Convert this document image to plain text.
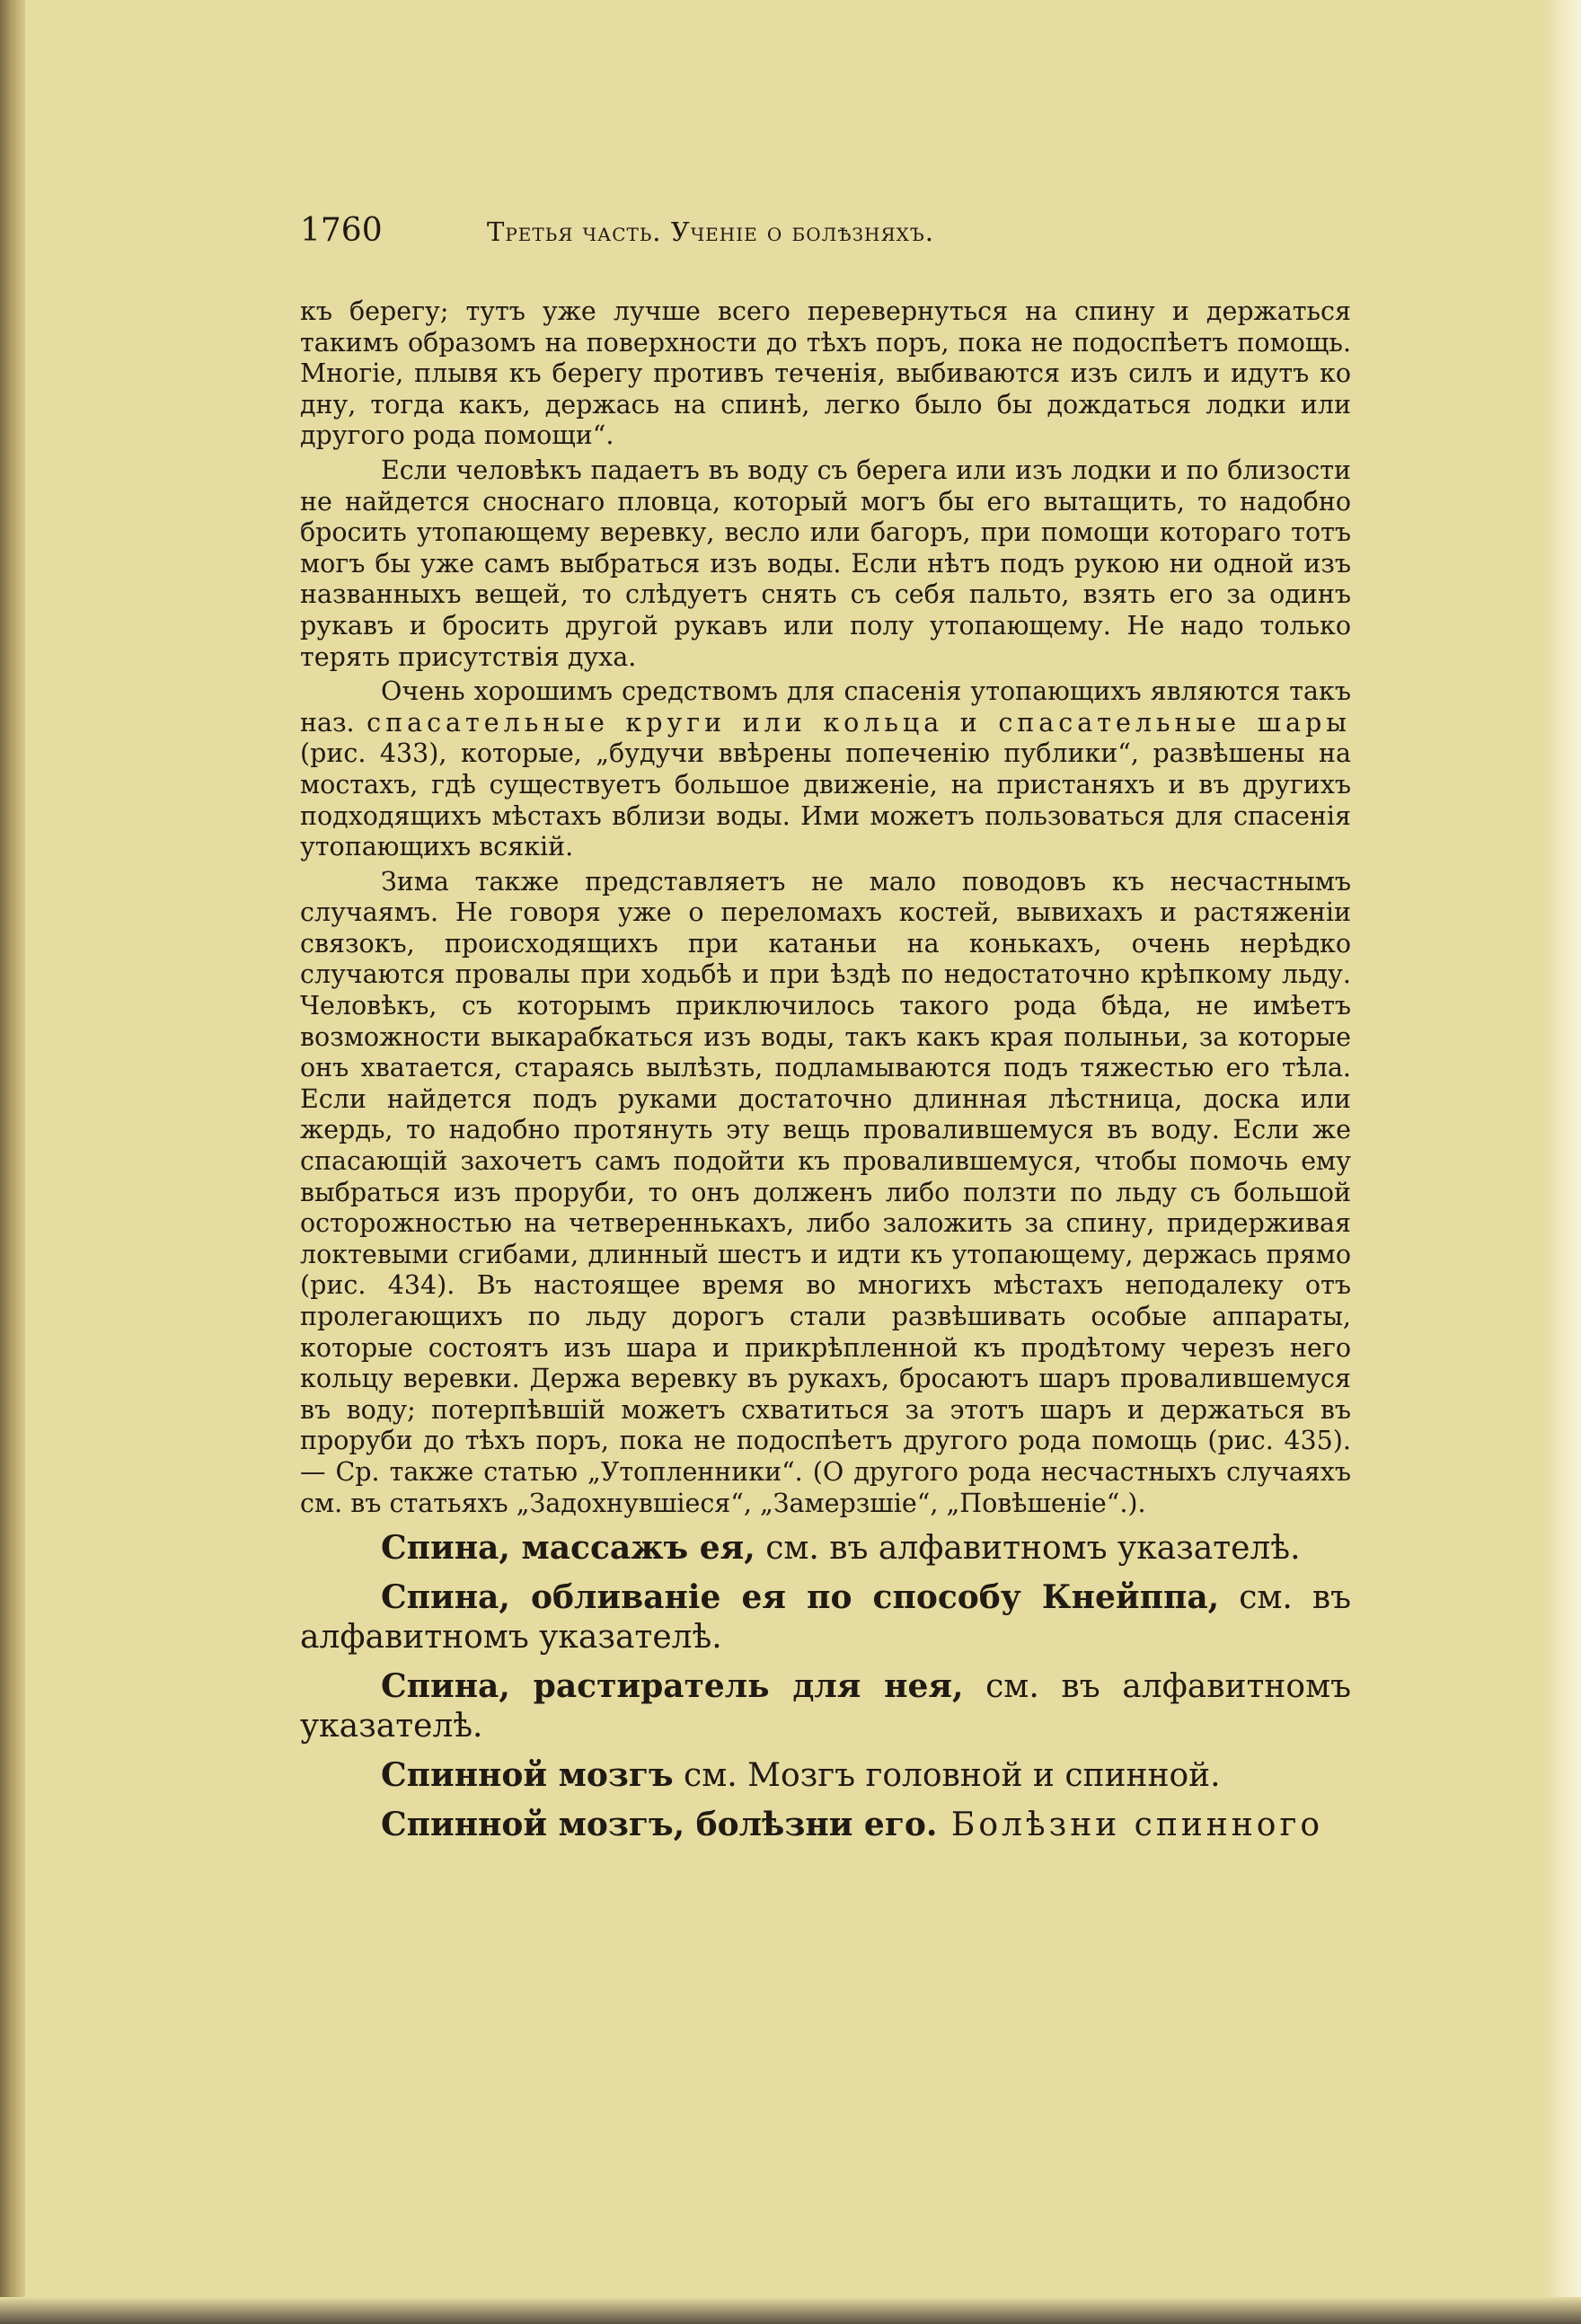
1760	Третья часть. Ученіе о болѣзняхъ.

къ берегу; тутъ уже лучше всего перевернуться на спину и держаться такимъ образомъ на поверхности до тѣхъ поръ, пока не подоспѣетъ помощь. Многіе, плывя къ берегу противъ теченія, выбиваются изъ силъ и идутъ ко дну, тогда какъ, держась на спинѣ, легко было бы дождаться лодки или другого рода помощи“.

Если человѣкъ падаетъ въ воду съ берега или изъ лодки и по близости не найдется сноснаго пловца, который могъ бы его вытащить, то надобно бросить утопающему веревку, весло или багоръ, при помощи котораго тотъ могъ бы уже самъ выбраться изъ воды. Если нѣтъ подъ рукою ни одной изъ названныхъ вещей, то слѣдуетъ снять съ себя пальто, взять его за одинъ рукавъ и бросить другой рукавъ или полу утопающему. Не надо только терять присутствія духа.

Очень хорошимъ средствомъ для спасенія утопающихъ являются такъ наз. спасательные круги или кольца и спасательные шары (рис. 433), которые, „будучи ввѣрены попеченію публики“, развѣшены на мостахъ, гдѣ существуетъ большое движеніе, на пристаняхъ и въ другихъ подходящихъ мѣстахъ вблизи воды. Ими можетъ пользоваться для спасенія утопающихъ всякій.

Зима также представляетъ не мало поводовъ къ несчастнымъ случаямъ. Не говоря уже о переломахъ костей, вывихахъ и растяженіи связокъ, происходящихъ при катаньи на конькахъ, очень нерѣдко случаются провалы при ходьбѣ и при ѣздѣ по недостаточно крѣпкому льду. Человѣкъ, съ которымъ приключилось такого рода бѣда, не имѣетъ возможности выкарабкаться изъ воды, такъ какъ края полыньи, за которые онъ хватается, стараясь вылѣзть, подламываются подъ тяжестью его тѣла. Если найдется подъ руками достаточно длинная лѣстница, доска или жердь, то надобно протянуть эту вещь провалившемуся въ воду. Если же спасающій захочетъ самъ подойти къ провалившемуся, чтобы помочь ему выбраться изъ проруби, то онъ долженъ либо ползти по льду съ большой осторожностью на четвереннькахъ, либо заложить за спину, придерживая локтевыми сгибами, длинный шестъ и идти къ утопающему, держась прямо (рис. 434). Въ настоящее время во многихъ мѣстахъ неподалеку отъ пролегающихъ по льду дорогъ стали развѣшивать особые аппараты, которые состоятъ изъ шара и прикрѣпленной къ продѣтому черезъ него кольцу веревки. Держа веревку въ рукахъ, бросаютъ шаръ провалившемуся въ воду; потерпѣвшій можетъ схватиться за этотъ шаръ и держаться въ проруби до тѣхъ поръ, пока не подоспѣетъ другого рода помощь (рис. 435). — Ср. также статью „Утопленники“. (О другого рода несчастныхъ случаяхъ см. въ статьяхъ „Задохнувшіеся“, „Замерзшіе“, „Повѣшеніе“.).

Спина, массажъ ея, см. въ алфавитномъ указателѣ.

Спина, обливаніе ея по способу Кнейппа, см. въ алфавитномъ указателѣ.

Спина, растиратель для нея, см. въ алфавитномъ указателѣ.

Спинной мозгъ см. Мозгъ головной и спинной.

Спинной мозгъ, болѣзни его. Болѣзни спинного
